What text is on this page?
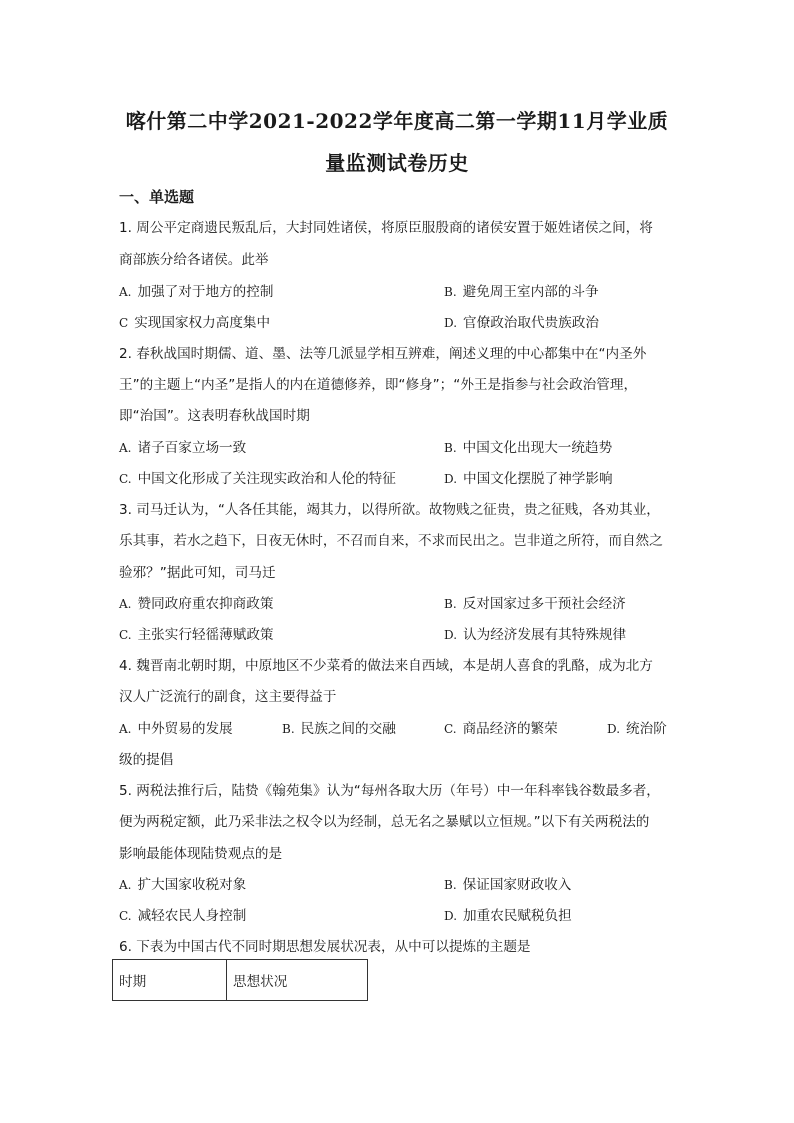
喀什第二中学2021-2022学年度高二第一学期11月学业质
量监测试卷历史
一、单选题
1. 周公平定商遗民叛乱后，大封同姓诸侯，将原臣服殷商的诸侯安置于姬姓诸侯之间，将
商部族分给各诸侯。此举
A. 加强了对于地方的控制	B. 避免周王室内部的斗争
C 实现国家权力高度集中	D. 官僚政治取代贵族政治
2. 春秋战国时期儒、道、墨、法等几派显学相互辨难，阐述义理的中心都集中在“内圣外
王”的主题上“内圣”是指人的内在道德修养，即“修身”；“外王是指参与社会政治管理，
即“治国”。这表明春秋战国时期
A. 诸子百家立场一致	B. 中国文化出现大一统趋势
C. 中国文化形成了关注现实政治和人伦的特征	D. 中国文化摆脱了神学影响
3. 司马迁认为，“人各任其能，竭其力，以得所欲。故物贱之征贵，贵之征贱，各劝其业，
乐其事，若水之趋下，日夜无休时，不召而自来，不求而民出之。岂非道之所符，而自然之
验邪？”据此可知，司马迁
A. 赞同政府重农抑商政策	B. 反对国家过多干预社会经济
C. 主张实行轻徭薄赋政策	D. 认为经济发展有其特殊规律
4. 魏晋南北朝时期，中原地区不少菜肴的做法来自西域，本是胡人喜食的乳酪，成为北方
汉人广泛流行的副食，这主要得益于
A. 中外贸易的发展	B. 民族之间的交融	C. 商品经济的繁荣	D. 统治阶
级的提倡
5. 两税法推行后，陆贽《翰苑集》认为“每州各取大历（年号）中一年科率钱谷数最多者，
便为两税定额，此乃采非法之权令以为经制，总无名之暴赋以立恒规。”以下有关两税法的
影响最能体现陆贽观点的是
A. 扩大国家收税对象	B. 保证国家财政收入
C. 减轻农民人身控制	D. 加重农民赋税负担
6. 下表为中国古代不同时期思想发展状况表，从中可以提炼的主题是
时期	思想状况
